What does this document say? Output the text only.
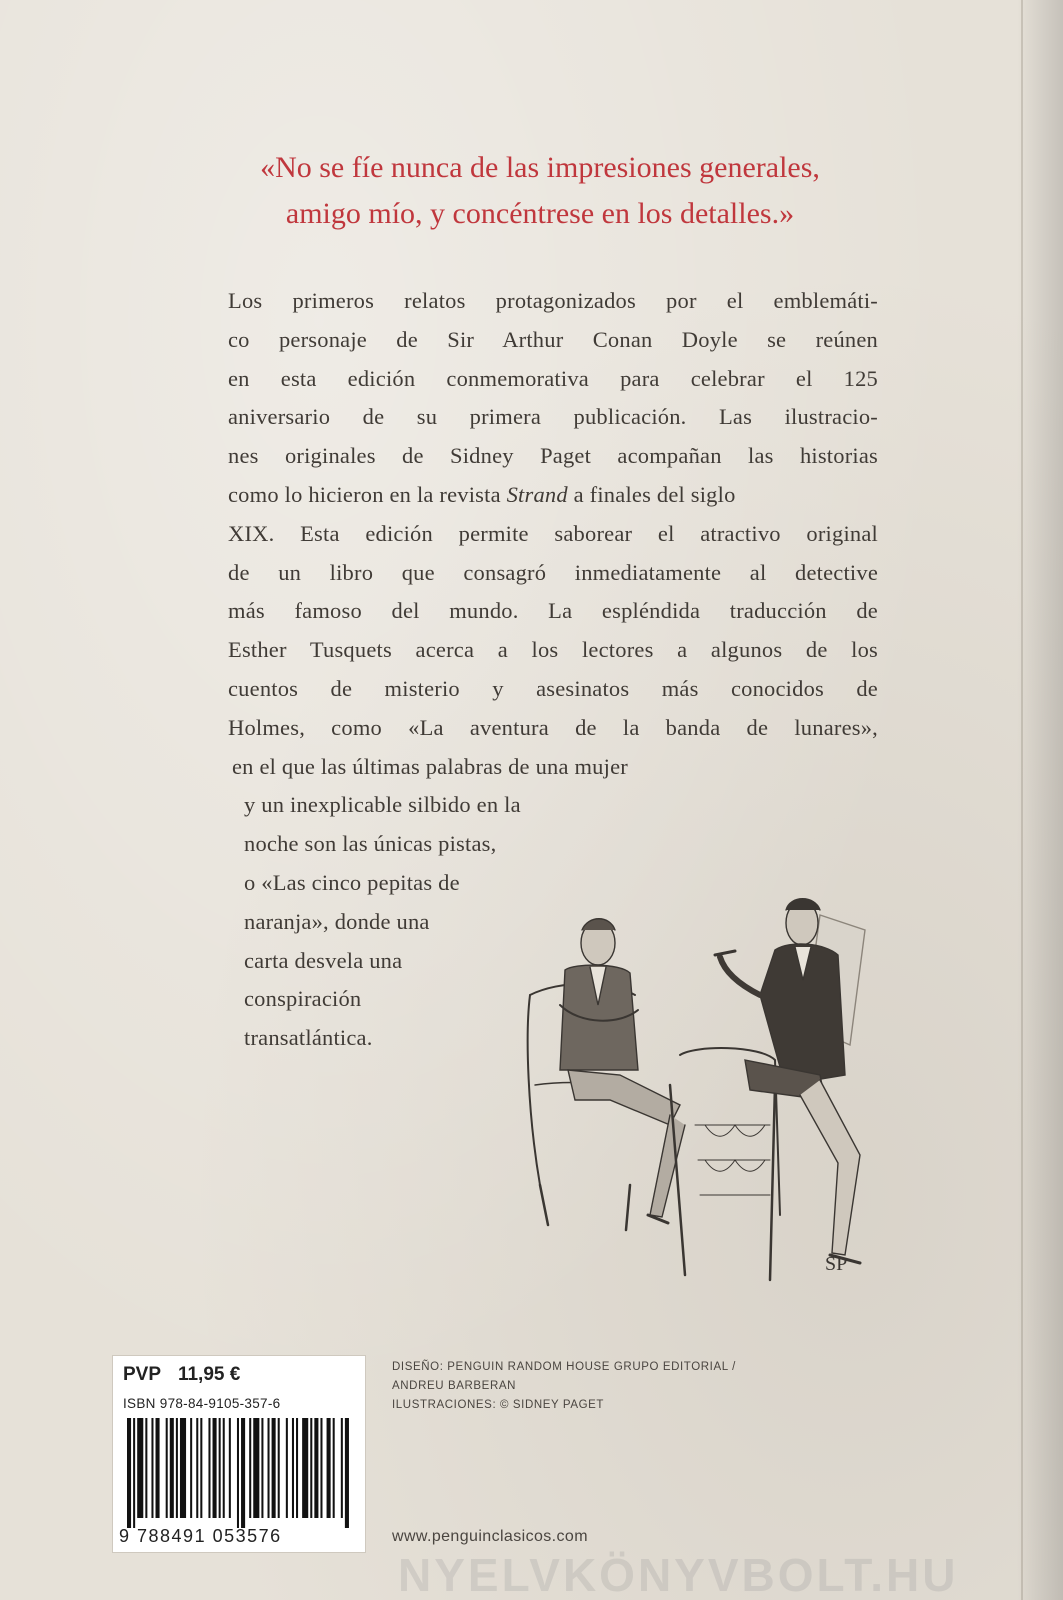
«No se fíe nunca de las impresiones generales,
amigo mío, y concéntrese en los detalles.»
Los primeros relatos protagonizados por el emblemáti-
co personaje de Sir Arthur Conan Doyle se reúnen
en esta edición conmemorativa para celebrar el 125
aniversario de su primera publicación. Las ilustracio-
nes originales de Sidney Paget acompañan las historias
como lo hicieron en la revista Strand a finales del siglo
XIX. Esta edición permite saborear el atractivo original
de un libro que consagró inmediatamente al detective
más famoso del mundo. La espléndida traducción de
Esther Tusquets acerca a los lectores a algunos de los
cuentos de misterio y asesinatos más conocidos de
Holmes, como «La aventura de la banda de lunares»,
en el que las últimas palabras de una mujer
y un inexplicable silbido en la
noche son las únicas pistas,
o «Las cinco pepitas de
naranja», donde una
carta desvela una
conspiración
transatlántica.
SP
PVP 11,95 €
ISBN 978-84-9105-357-6
9 788491 053576
DISEÑO: PENGUIN RANDOM HOUSE GRUPO EDITORIAL /
ANDREU BARBERAN
ILUSTRACIONES: © SIDNEY PAGET
www.penguinclasicos.com
NYELVKÖNYVBOLT.HU
